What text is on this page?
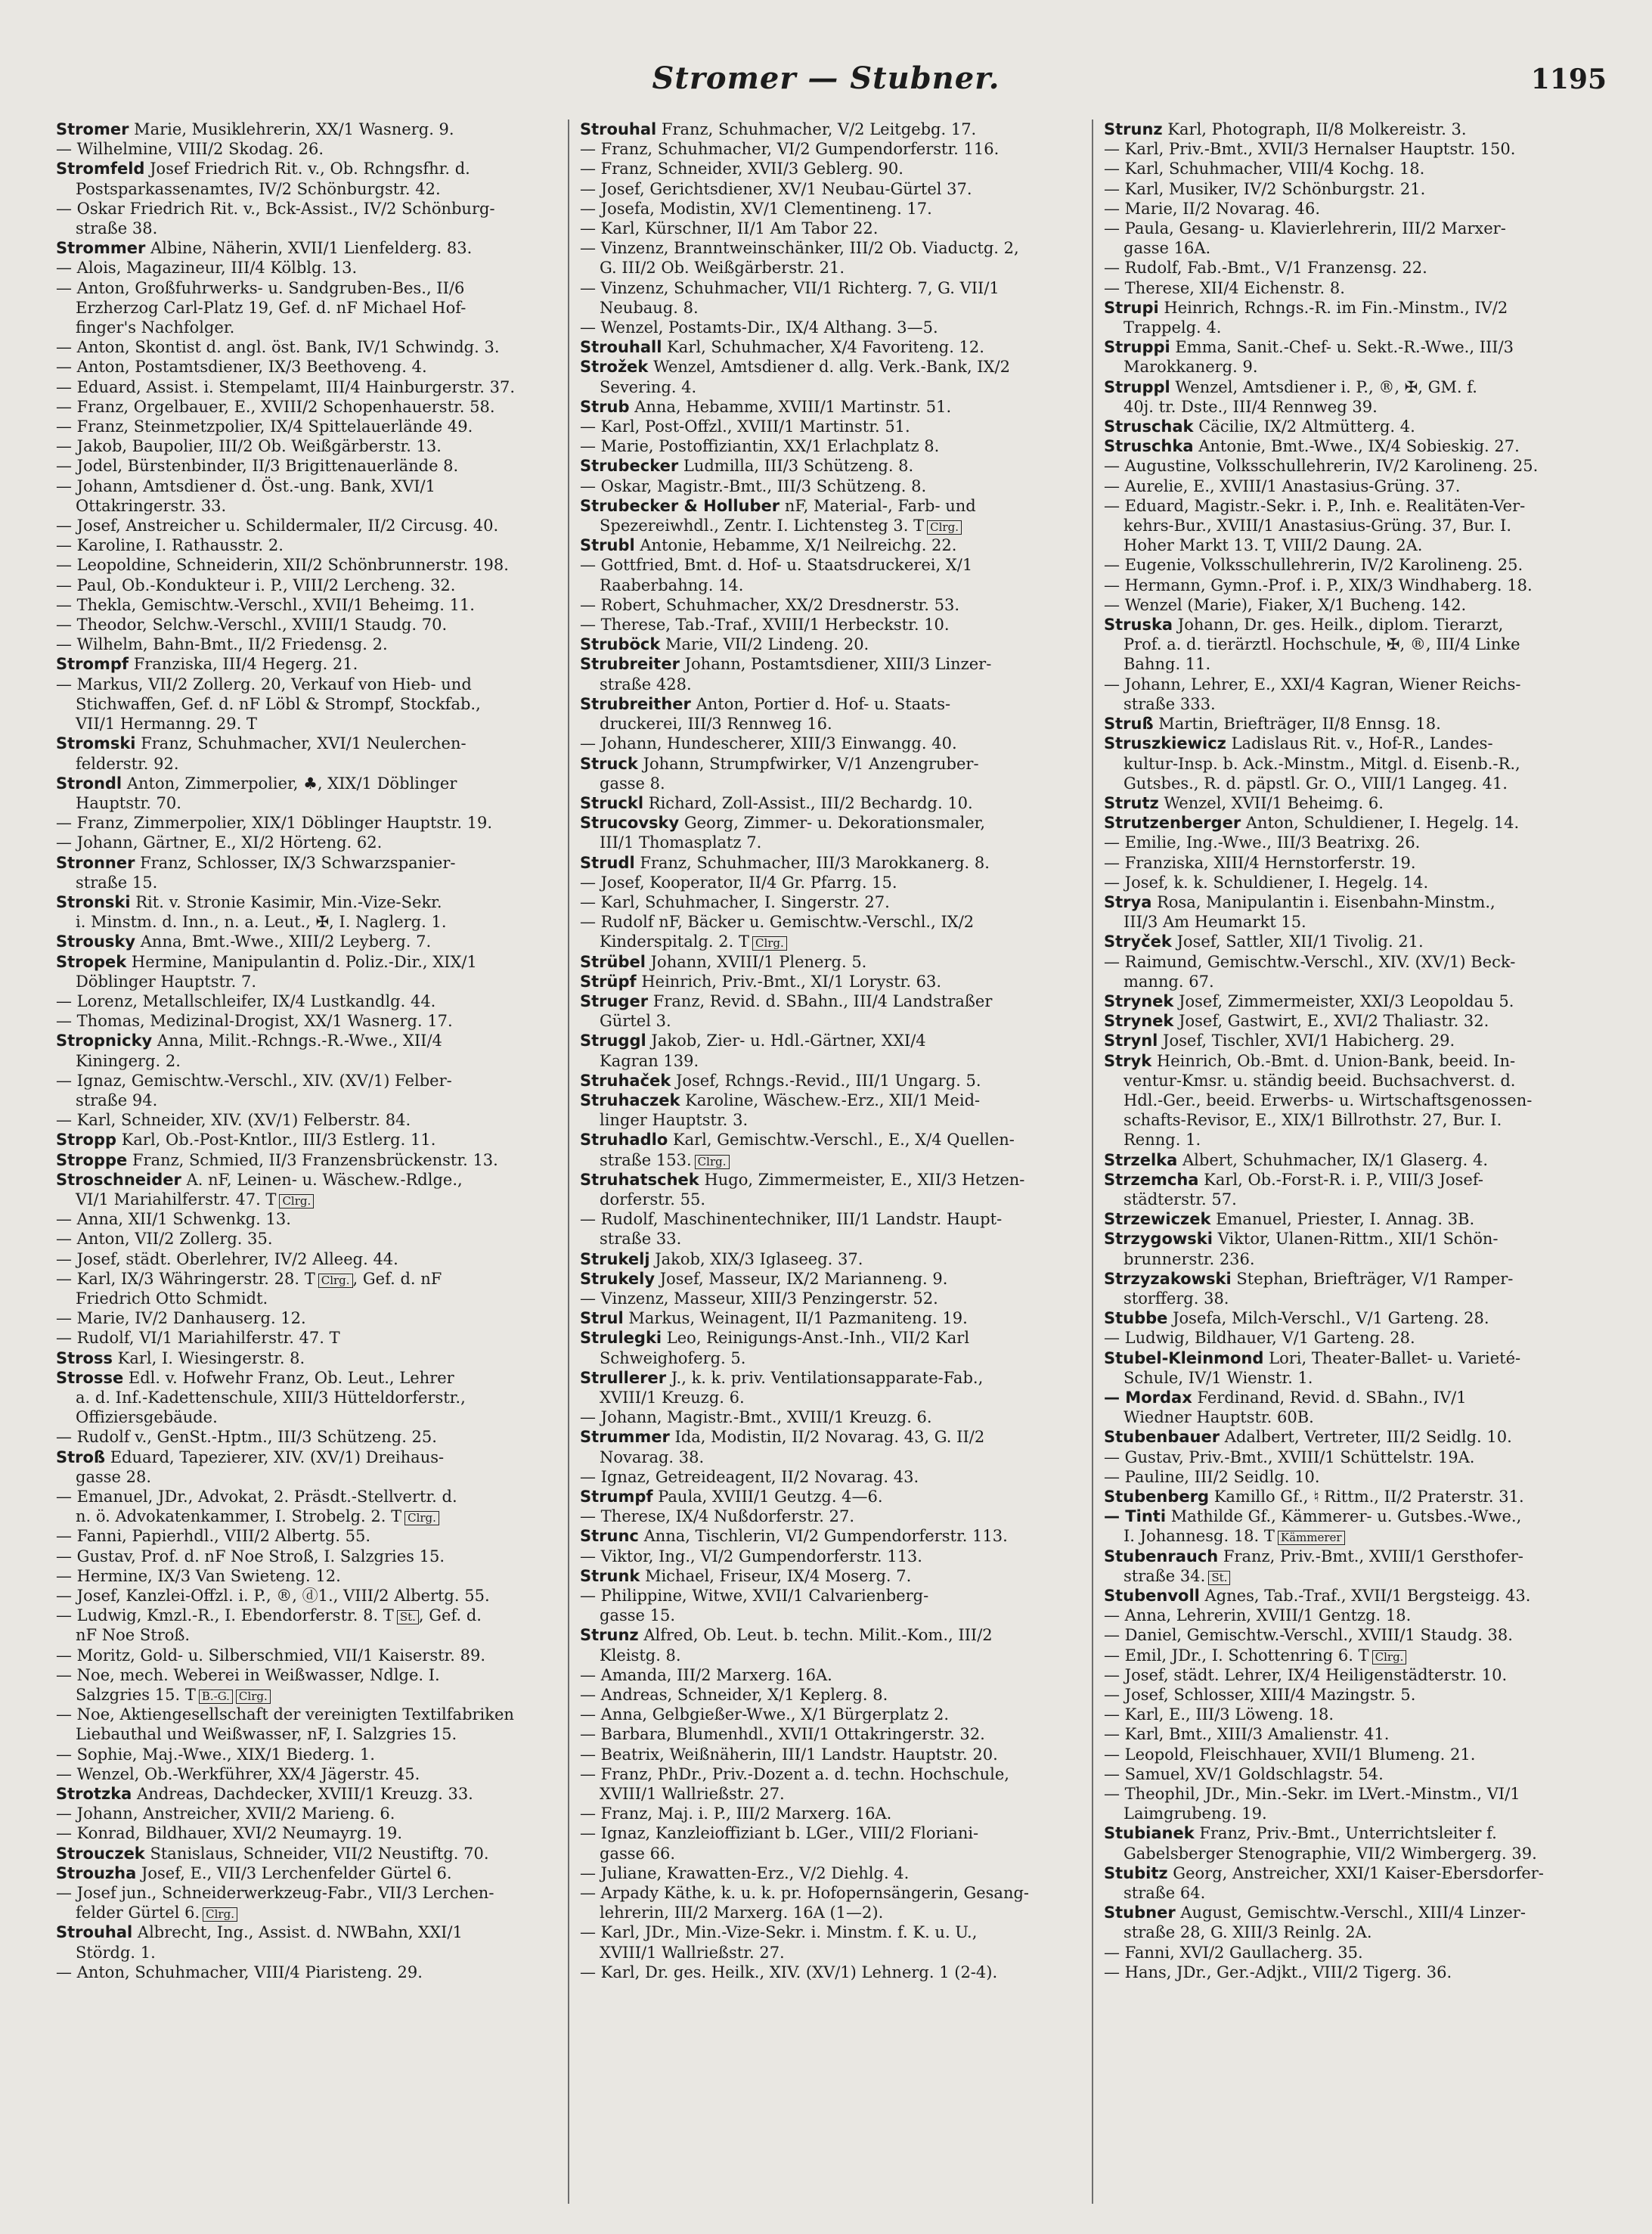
Stromer — Stubner.	1195

Stromer Marie, Musiklehrerin, XX/1 Wasnerg. 9.

— Wilhelmine, VIII/2 Skodag. 26.

Stromfeld Josef Friedrich Rit. v., Ob. Rchngsfhr. d.

Postsparkassenamtes, IV/2 Schönburgstr. 42.

— Oskar Friedrich Rit. v., Bck-Assist., IV/2 Schönburg-

straße 38.

Strommer Albine, Näherin, XVII/1 Lienfelderg. 83.

— Alois, Magazineur, III/4 Kölblg. 13.

— Anton, Großfuhrwerks- u. Sandgruben-Bes., II/6

Erzherzog Carl-Platz 19, Gef. d. nF Michael Hof-

finger's Nachfolger.

— Anton, Skontist d. angl. öst. Bank, IV/1 Schwindg. 3.

— Anton, Postamtsdiener, IX/3 Beethoveng. 4.

— Eduard, Assist. i. Stempelamt, III/4 Hainburgerstr. 37.

— Franz, Orgelbauer, E., XVIII/2 Schopenhauerstr. 58.

— Franz, Steinmetzpolier, IX/4 Spittelauerlände 49.

— Jakob, Baupolier, III/2 Ob. Weißgärberstr. 13.

— Jodel, Bürstenbinder, II/3 Brigittenauerlände 8.

— Johann, Amtsdiener d. Öst.-ung. Bank, XVI/1

Ottakringerstr. 33.

— Josef, Anstreicher u. Schildermaler, II/2 Circusg. 40.

— Karoline, I. Rathausstr. 2.

— Leopoldine, Schneiderin, XII/2 Schönbrunnerstr. 198.

— Paul, Ob.-Kondukteur i. P., VIII/2 Lercheng. 32.

— Thekla, Gemischtw.-Verschl., XVII/1 Beheimg. 11.

— Theodor, Selchw.-Verschl., XVIII/1 Staudg. 70.

— Wilhelm, Bahn-Bmt., II/2 Friedensg. 2.

Strompf Franziska, III/4 Hegerg. 21.

— Markus, VII/2 Zollerg. 20, Verkauf von Hieb- und

Stichwaffen, Gef. d. nF Löbl & Strompf, Stockfab.,

VII/1 Hermanng. 29. T

Stromski Franz, Schuhmacher, XVI/1 Neulerchen-

felderstr. 92.

Strondl Anton, Zimmerpolier, ♣, XIX/1 Döblinger

Hauptstr. 70.

— Franz, Zimmerpolier, XIX/1 Döblinger Hauptstr. 19.

— Johann, Gärtner, E., XI/2 Hörteng. 62.

Stronner Franz, Schlosser, IX/3 Schwarzspanier-

straße 15.

Stronski Rit. v. Stronie Kasimir, Min.-Vize-Sekr.

i. Minstm. d. Inn., n. a. Leut., ✠, I. Naglerg. 1.

Strousky Anna, Bmt.-Wwe., XIII/2 Leyberg. 7.

Stropek Hermine, Manipulantin d. Poliz.-Dir., XIX/1

Döblinger Hauptstr. 7.

— Lorenz, Metallschleifer, IX/4 Lustkandlg. 44.

— Thomas, Medizinal-Drogist, XX/1 Wasnerg. 17.

Stropnicky Anna, Milit.-Rchngs.-R.-Wwe., XII/4

Kiningerg. 2.

— Ignaz, Gemischtw.-Verschl., XIV. (XV/1) Felber-

straße 94.

— Karl, Schneider, XIV. (XV/1) Felberstr. 84.

Stropp Karl, Ob.-Post-Kntlor., III/3 Estlerg. 11.

Stroppe Franz, Schmied, II/3 Franzensbrückenstr. 13.

Stroschneider A. nF, Leinen- u. Wäschew.-Rdlge.,

VI/1 Mariahilferstr. 47. T Clrg.

— Anna, XII/1 Schwenkg. 13.

— Anton, VII/2 Zollerg. 35.

— Josef, städt. Oberlehrer, IV/2 Alleeg. 44.

— Karl, IX/3 Währingerstr. 28. T Clrg. , Gef. d. nF

Friedrich Otto Schmidt.

— Marie, IV/2 Danhauserg. 12.

— Rudolf, VI/1 Mariahilferstr. 47. T

Stross Karl, I. Wiesingerstr. 8.

Strosse Edl. v. Hofwehr Franz, Ob. Leut., Lehrer

a. d. Inf.-Kadettenschule, XIII/3 Hütteldorferstr.,

Offiziersgebäude.

— Rudolf v., GenSt.-Hptm., III/3 Schützeng. 25.

Stroß Eduard, Tapezierer, XIV. (XV/1) Dreihaus-

gasse 28.

— Emanuel, JDr., Advokat, 2. Präsdt.-Stellvertr. d.

n. ö. Advokatenkammer, I. Strobelg. 2. T Clrg.

— Fanni, Papierhdl., VIII/2 Albertg. 55.

— Gustav, Prof. d. nF Noe Stroß, I. Salzgries 15.

— Hermine, IX/3 Van Swieteng. 12.

— Josef, Kanzlei-Offzl. i. P., ®, ⓓ1., VIII/2 Albertg. 55.

— Ludwig, Kmzl.-R., I. Ebendorferstr. 8. T St. , Gef. d.

nF Noe Stroß.

— Moritz, Gold- u. Silberschmied, VII/1 Kaiserstr. 89.

— Noe, mech. Weberei in Weißwasser, Ndlge. I.

Salzgries 15. T B.-G. Clrg.

— Noe, Aktiengesellschaft der vereinigten Textilfabriken

Liebauthal und Weißwasser, nF, I. Salzgries 15.

— Sophie, Maj.-Wwe., XIX/1 Biederg. 1.

— Wenzel, Ob.-Werkführer, XX/4 Jägerstr. 45.

Strotzka Andreas, Dachdecker, XVIII/1 Kreuzg. 33.

— Johann, Anstreicher, XVII/2 Marieng. 6.

— Konrad, Bildhauer, XVI/2 Neumayrg. 19.

Strouczek Stanislaus, Schneider, VII/2 Neustiftg. 70.

Strouzha Josef, E., VII/3 Lerchenfelder Gürtel 6.

— Josef jun., Schneiderwerkzeug-Fabr., VII/3 Lerchen-

felder Gürtel 6. Clrg.

Strouhal Albrecht, Ing., Assist. d. NWBahn, XXI/1

Stördg. 1.

— Anton, Schuhmacher, VIII/4 Piaristeng. 29.

Strouhal Franz, Schuhmacher, V/2 Leitgebg. 17.

— Franz, Schuhmacher, VI/2 Gumpendorferstr. 116.

— Franz, Schneider, XVII/3 Geblerg. 90.

— Josef, Gerichtsdiener, XV/1 Neubau-Gürtel 37.

— Josefa, Modistin, XV/1 Clementineng. 17.

— Karl, Kürschner, II/1 Am Tabor 22.

— Vinzenz, Branntweinschänker, III/2 Ob. Viaductg. 2,

G. III/2 Ob. Weißgärberstr. 21.

— Vinzenz, Schuhmacher, VII/1 Richterg. 7, G. VII/1

Neubaug. 8.

— Wenzel, Postamts-Dir., IX/4 Althang. 3—5.

Strouhall Karl, Schuhmacher, X/4 Favoriteng. 12.

Strožek Wenzel, Amtsdiener d. allg. Verk.-Bank, IX/2

Severing. 4.

Strub Anna, Hebamme, XVIII/1 Martinstr. 51.

— Karl, Post-Offzl., XVIII/1 Martinstr. 51.

— Marie, Postoffiziantin, XX/1 Erlachplatz 8.

Strubecker Ludmilla, III/3 Schützeng. 8.

— Oskar, Magistr.-Bmt., III/3 Schützeng. 8.

Strubecker & Holluber nF, Material-, Farb- und

Spezereiwhdl., Zentr. I. Lichtensteg 3. T Clrg.

Strubl Antonie, Hebamme, X/1 Neilreichg. 22.

— Gottfried, Bmt. d. Hof- u. Staatsdruckerei, X/1

Raaberbahng. 14.

— Robert, Schuhmacher, XX/2 Dresdnerstr. 53.

— Therese, Tab.-Traf., XVIII/1 Herbeckstr. 10.

Struböck Marie, VII/2 Lindeng. 20.

Strubreiter Johann, Postamtsdiener, XIII/3 Linzer-

straße 428.

Strubreither Anton, Portier d. Hof- u. Staats-

druckerei, III/3 Rennweg 16.

— Johann, Hundescherer, XIII/3 Einwangg. 40.

Struck Johann, Strumpfwirker, V/1 Anzengruber-

gasse 8.

Struckl Richard, Zoll-Assist., III/2 Bechardg. 10.

Strucovsky Georg, Zimmer- u. Dekorationsmaler,

III/1 Thomasplatz 7.

Strudl Franz, Schuhmacher, III/3 Marokkanerg. 8.

— Josef, Kooperator, II/4 Gr. Pfarrg. 15.

— Karl, Schuhmacher, I. Singerstr. 27.

— Rudolf nF, Bäcker u. Gemischtw.-Verschl., IX/2

Kinderspitalg. 2. T Clrg.

Strübel Johann, XVIII/1 Plenerg. 5.

Strüpf Heinrich, Priv.-Bmt., XI/1 Lorystr. 63.

Struger Franz, Revid. d. SBahn., III/4 Landstraßer

Gürtel 3.

Struggl Jakob, Zier- u. Hdl.-Gärtner, XXI/4

Kagran 139.

Struhaček Josef, Rchngs.-Revid., III/1 Ungarg. 5.

Struhaczek Karoline, Wäschew.-Erz., XII/1 Meid-

linger Hauptstr. 3.

Struhadlo Karl, Gemischtw.-Verschl., E., X/4 Quellen-

straße 153. Clrg.

Struhatschek Hugo, Zimmermeister, E., XII/3 Hetzen-

dorferstr. 55.

— Rudolf, Maschinentechniker, III/1 Landstr. Haupt-

straße 33.

Strukelj Jakob, XIX/3 Iglaseeg. 37.

Strukely Josef, Masseur, IX/2 Marianneng. 9.

— Vinzenz, Masseur, XIII/3 Penzingerstr. 52.

Strul Markus, Weinagent, II/1 Pazmaniteng. 19.

Strulegki Leo, Reinigungs-Anst.-Inh., VII/2 Karl

Schweighoferg. 5.

Strullerer J., k. k. priv. Ventilationsapparate-Fab.,

XVIII/1 Kreuzg. 6.

— Johann, Magistr.-Bmt., XVIII/1 Kreuzg. 6.

Strummer Ida, Modistin, II/2 Novarag. 43, G. II/2

Novarag. 38.

— Ignaz, Getreideagent, II/2 Novarag. 43.

Strumpf Paula, XVIII/1 Geutzg. 4—6.

— Therese, IX/4 Nußdorferstr. 27.

Strunc Anna, Tischlerin, VI/2 Gumpendorferstr. 113.

— Viktor, Ing., VI/2 Gumpendorferstr. 113.

Strunk Michael, Friseur, IX/4 Moserg. 7.

— Philippine, Witwe, XVII/1 Calvarienberg-

gasse 15.

Strunz Alfred, Ob. Leut. b. techn. Milit.-Kom., III/2

Kleistg. 8.

— Amanda, III/2 Marxerg. 16A.

— Andreas, Schneider, X/1 Keplerg. 8.

— Anna, Gelbgießer-Wwe., X/1 Bürgerplatz 2.

— Barbara, Blumenhdl., XVII/1 Ottakringerstr. 32.

— Beatrix, Weißnäherin, III/1 Landstr. Hauptstr. 20.

— Franz, PhDr., Priv.-Dozent a. d. techn. Hochschule,

XVIII/1 Wallrießstr. 27.

— Franz, Maj. i. P., III/2 Marxerg. 16A.

— Ignaz, Kanzleioffiziant b. LGer., VIII/2 Floriani-

gasse 66.

— Juliane, Krawatten-Erz., V/2 Diehlg. 4.

— Arpady Käthe, k. u. k. pr. Hofopernsängerin, Gesang-

lehrerin, III/2 Marxerg. 16A (1—2).

— Karl, JDr., Min.-Vize-Sekr. i. Minstm. f. K. u. U.,

XVIII/1 Wallrießstr. 27.

— Karl, Dr. ges. Heilk., XIV. (XV/1) Lehnerg. 1 (2-4).

Strunz Karl, Photograph, II/8 Molkereistr. 3.

— Karl, Priv.-Bmt., XVII/3 Hernalser Hauptstr. 150.

— Karl, Schuhmacher, VIII/4 Kochg. 18.

— Karl, Musiker, IV/2 Schönburgstr. 21.

— Marie, II/2 Novarag. 46.

— Paula, Gesang- u. Klavierlehrerin, III/2 Marxer-

gasse 16A.

— Rudolf, Fab.-Bmt., V/1 Franzensg. 22.

— Therese, XII/4 Eichenstr. 8.

Strupi Heinrich, Rchngs.-R. im Fin.-Minstm., IV/2

Trappelg. 4.

Struppi Emma, Sanit.-Chef- u. Sekt.-R.-Wwe., III/3

Marokkanerg. 9.

Struppl Wenzel, Amtsdiener i. P., ®, ✠, GM. f.

40j. tr. Dste., III/4 Rennweg 39.

Struschak Cäcilie, IX/2 Altmütterg. 4.

Struschka Antonie, Bmt.-Wwe., IX/4 Sobieskig. 27.

— Augustine, Volksschullehrerin, IV/2 Karolineng. 25.

— Aurelie, E., XVIII/1 Anastasius-Grüng. 37.

— Eduard, Magistr.-Sekr. i. P., Inh. e. Realitäten-Ver-

kehrs-Bur., XVIII/1 Anastasius-Grüng. 37, Bur. I.

Hoher Markt 13. T, VIII/2 Daung. 2A.

— Eugenie, Volksschullehrerin, IV/2 Karolineng. 25.

— Hermann, Gymn.-Prof. i. P., XIX/3 Windhaberg. 18.

— Wenzel (Marie), Fiaker, X/1 Bucheng. 142.

Struska Johann, Dr. ges. Heilk., diplom. Tierarzt,

Prof. a. d. tierärztl. Hochschule, ✠, ®, III/4 Linke

Bahng. 11.

— Johann, Lehrer, E., XXI/4 Kagran, Wiener Reichs-

straße 333.

Struß Martin, Briefträger, II/8 Ennsg. 18.

Struszkiewicz Ladislaus Rit. v., Hof-R., Landes-

kultur-Insp. b. Ack.-Minstm., Mitgl. d. Eisenb.-R.,

Gutsbes., R. d. päpstl. Gr. O., VIII/1 Langeg. 41.

Strutz Wenzel, XVII/1 Beheimg. 6.

Strutzenberger Anton, Schuldiener, I. Hegelg. 14.

— Emilie, Ing.-Wwe., III/3 Beatrixg. 26.

— Franziska, XIII/4 Hernstorferstr. 19.

— Josef, k. k. Schuldiener, I. Hegelg. 14.

Strya Rosa, Manipulantin i. Eisenbahn-Minstm.,

III/3 Am Heumarkt 15.

Stryček Josef, Sattler, XII/1 Tivolig. 21.

— Raimund, Gemischtw.-Verschl., XIV. (XV/1) Beck-

manng. 67.

Strynek Josef, Zimmermeister, XXI/3 Leopoldau 5.

Strynek Josef, Gastwirt, E., XVI/2 Thaliastr. 32.

Strynl Josef, Tischler, XVI/1 Habicherg. 29.

Stryk Heinrich, Ob.-Bmt. d. Union-Bank, beeid. In-

ventur-Kmsr. u. ständig beeid. Buchsachverst. d.

Hdl.-Ger., beeid. Erwerbs- u. Wirtschaftsgenossen-

schafts-Revisor, E., XIX/1 Billrothstr. 27, Bur. I.

Renng. 1.

Strzelka Albert, Schuhmacher, IX/1 Glaserg. 4.

Strzemcha Karl, Ob.-Forst-R. i. P., VIII/3 Josef-

städterstr. 57.

Strzewiczek Emanuel, Priester, I. Annag. 3B.

Strzygowski Viktor, Ulanen-Rittm., XII/1 Schön-

brunnerstr. 236.

Strzyzakowski Stephan, Briefträger, V/1 Ramper-

storfferg. 38.

Stubbe Josefa, Milch-Verschl., V/1 Garteng. 28.

— Ludwig, Bildhauer, V/1 Garteng. 28.

Stubel-Kleinmond Lori, Theater-Ballet- u. Varieté-

Schule, IV/1 Wienstr. 1.

— Mordax Ferdinand, Revid. d. SBahn., IV/1

Wiedner Hauptstr. 60B.

Stubenbauer Adalbert, Vertreter, III/2 Seidlg. 10.

— Gustav, Priv.-Bmt., XVIII/1 Schüttelstr. 19A.

— Pauline, III/2 Seidlg. 10.

Stubenberg Kamillo Gf., ♮ Rittm., II/2 Praterstr. 31.

— Tinti Mathilde Gf., Kämmerer- u. Gutsbes.-Wwe.,

I. Johannesg. 18. T Kämmerer

Stubenrauch Franz, Priv.-Bmt., XVIII/1 Gersthofer-

straße 34. St.

Stubenvoll Agnes, Tab.-Traf., XVII/1 Bergsteigg. 43.

— Anna, Lehrerin, XVIII/1 Gentzg. 18.

— Daniel, Gemischtw.-Verschl., XVIII/1 Staudg. 38.

— Emil, JDr., I. Schottenring 6. T Clrg.

— Josef, städt. Lehrer, IX/4 Heiligenstädterstr. 10.

— Josef, Schlosser, XIII/4 Mazingstr. 5.

— Karl, E., III/3 Löweng. 18.

— Karl, Bmt., XIII/3 Amalienstr. 41.

— Leopold, Fleischhauer, XVII/1 Blumeng. 21.

— Samuel, XV/1 Goldschlagstr. 54.

— Theophil, JDr., Min.-Sekr. im LVert.-Minstm., VI/1

Laimgrubeng. 19.

Stubianek Franz, Priv.-Bmt., Unterrichtsleiter f.

Gabelsberger Stenographie, VII/2 Wimbergerg. 39.

Stubitz Georg, Anstreicher, XXI/1 Kaiser-Ebersdorfer-

straße 64.

Stubner August, Gemischtw.-Verschl., XIII/4 Linzer-

straße 28, G. XIII/3 Reinlg. 2A.

— Fanni, XVI/2 Gaullacherg. 35.

— Hans, JDr., Ger.-Adjkt., VIII/2 Tigerg. 36.
